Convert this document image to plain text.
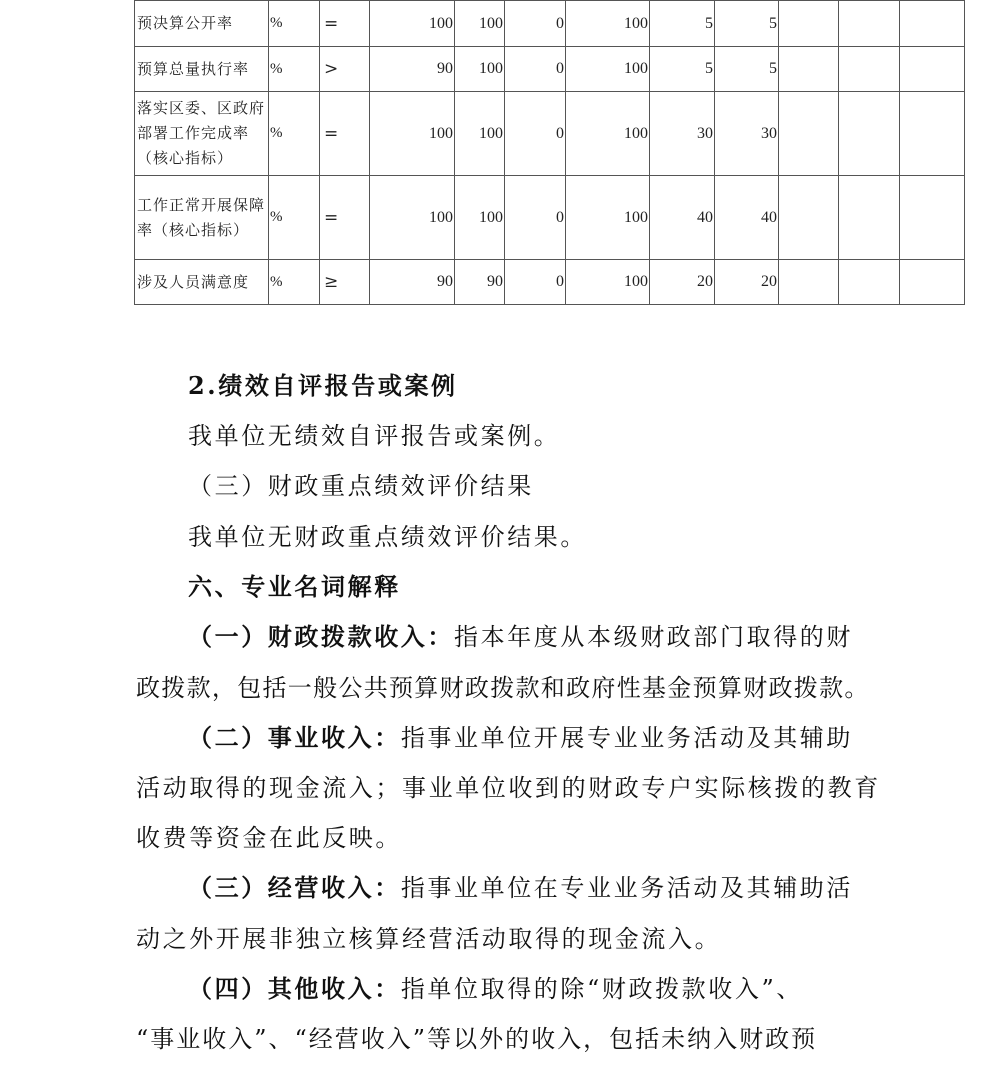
预决算公开率	%	=	100	100	0	100	5	5			
预算总量执行率	%	>	90	100	0	100	5	5			
落实区委、区政府部署工作完成率（核心指标）	%	=	100	100	0	100	30	30			
工作正常开展保障率（核心指标）	%	=	100	100	0	100	40	40			
涉及人员满意度	%	≥	90	90	0	100	20	20			
2.绩效自评报告或案例
我单位无绩效自评报告或案例。
（三）财政重点绩效评价结果
我单位无财政重点绩效评价结果。
六、专业名词解释
（一）财政拨款收入：指本年度从本级财政部门取得的财
政拨款，包括一般公共预算财政拨款和政府性基金预算财政拨款。
（二）事业收入：指事业单位开展专业业务活动及其辅助
活动取得的现金流入；事业单位收到的财政专户实际核拨的教育
收费等资金在此反映。
（三）经营收入：指事业单位在专业业务活动及其辅助活
动之外开展非独立核算经营活动取得的现金流入。
（四）其他收入：指单位取得的除“财政拨款收入”、
“事业收入”、“经营收入”等以外的收入，包括未纳入财政预
